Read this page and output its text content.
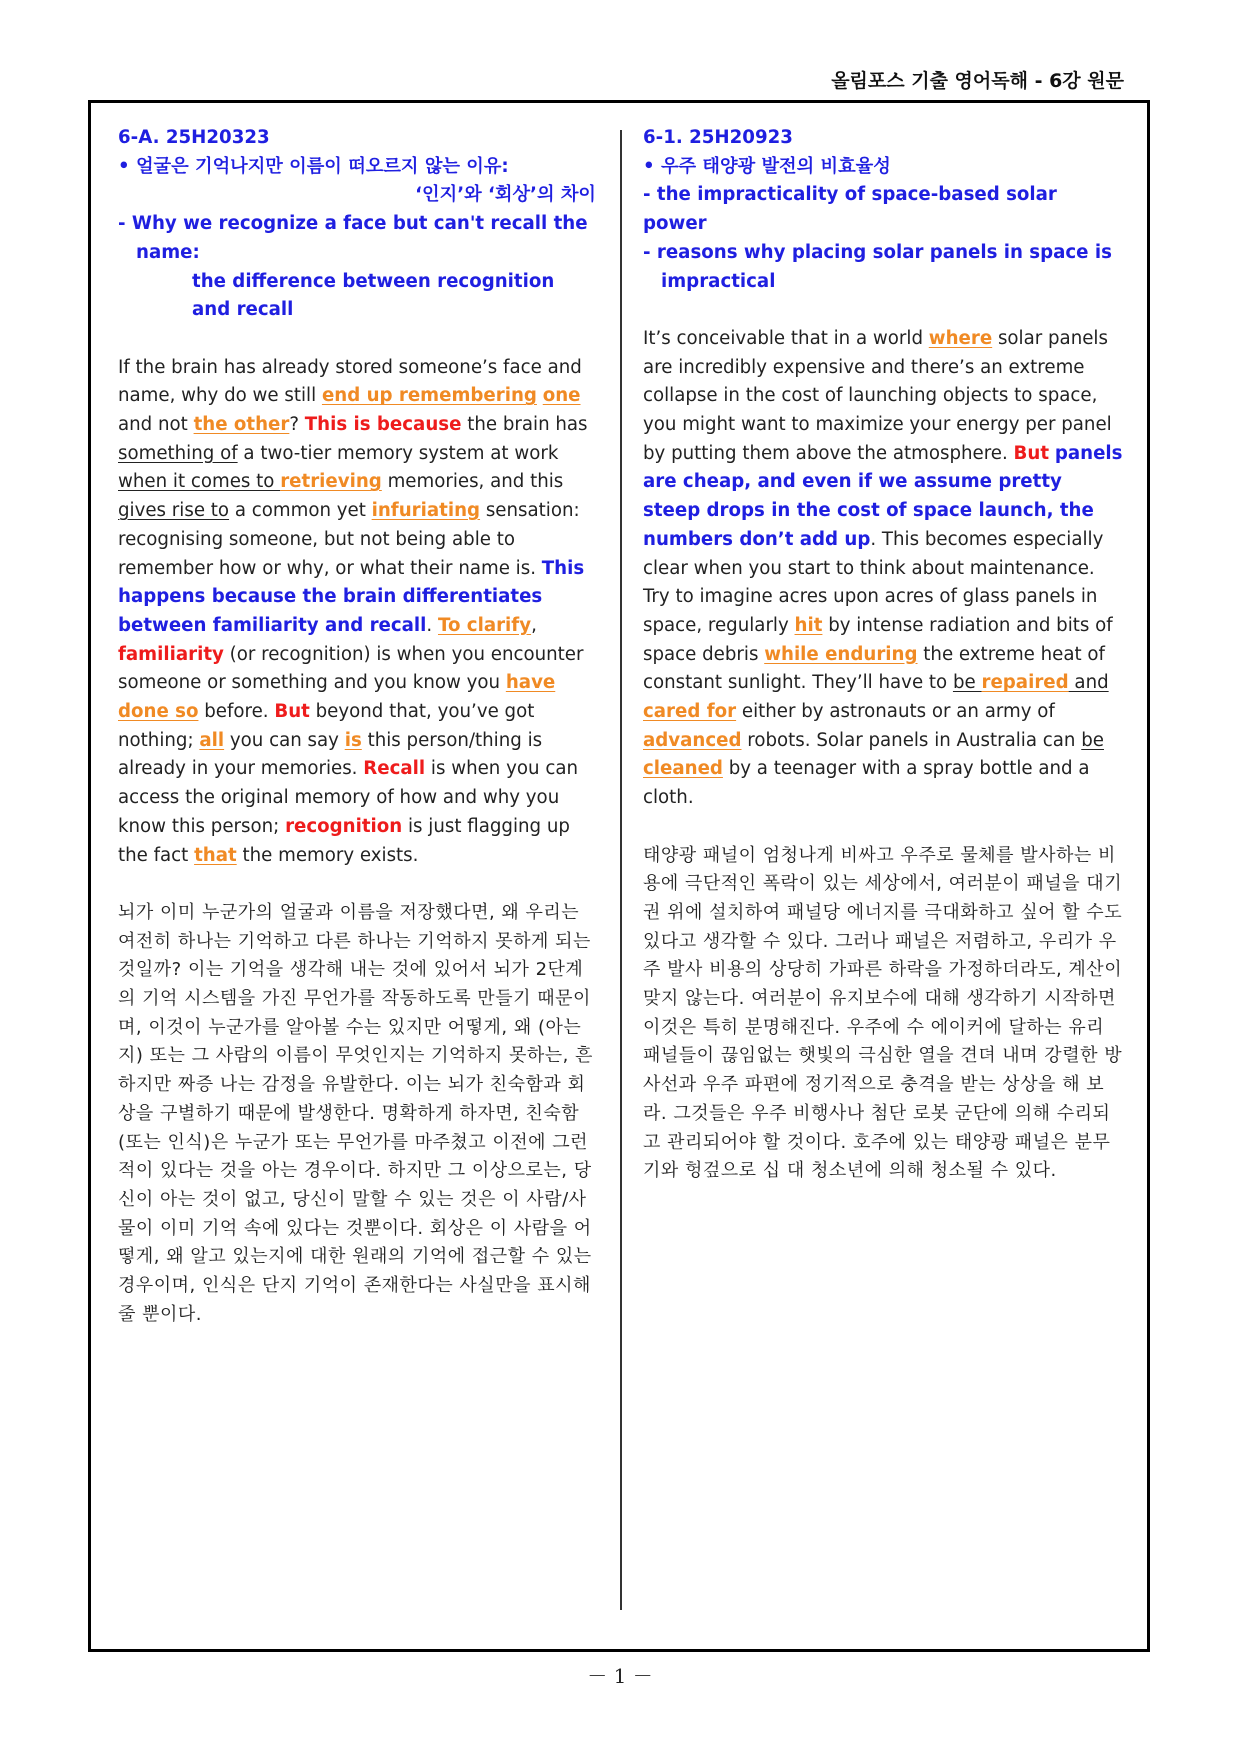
올림포스 기출 영어독해 - 6강 원문

6-A. 25H20323

• 얼굴은 기억나지만 이름이 떠오르지 않는 이유:

‘인지’와 ‘회상’의 차이

- Why we recognize a face but can't recall the

name:

the difference between recognition and recall

If the brain has already stored someone’s face and name, why do we still end up remembering one and not the other? This is because the brain has something of a two-tier memory system at work when it comes to retrieving memories, and this gives rise to a common yet infuriating sensation: recognising someone, but not being able to remember how or why, or what their name is. This happens because the brain differentiates between familiarity and recall. To clarify, familiarity (or recognition) is when you encounter someone or something and you know you have done so before. But beyond that, you’ve got nothing; all you can say is this person/thing is already in your memories. Recall is when you can access the original memory of how and why you know this person; recognition is just flagging up the fact that the memory exists.

뇌가 이미 누군가의 얼굴과 이름을 저장했다면, 왜 우리는 여전히 하나는 기억하고 다른 하나는 기억하지 못하게 되는 것일까? 이는 기억을 생각해 내는 것에 있어서 뇌가 2단계의 기억 시스템을 가진 무언가를 작동하도록 만들기 때문이며, 이것이 누군가를 알아볼 수는 있지만 어떻게, 왜 (아는지) 또는 그 사람의 이름이 무엇인지는 기억하지 못하는, 흔하지만 짜증 나는 감정을 유발한다. 이는 뇌가 친숙함과 회상을 구별하기 때문에 발생한다. 명확하게 하자면, 친숙함(또는 인식)은 누군가 또는 무언가를 마주쳤고 이전에 그런 적이 있다는 것을 아는 경우이다. 하지만 그 이상으로는, 당신이 아는 것이 없고, 당신이 말할 수 있는 것은 이 사람/사물이 이미 기억 속에 있다는 것뿐이다. 회상은 이 사람을 어떻게, 왜 알고 있는지에 대한 원래의 기억에 접근할 수 있는 경우이며, 인식은 단지 기억이 존재한다는 사실만을 표시해 줄 뿐이다.

6-1. 25H20923

• 우주 태양광 발전의 비효율성

- the impracticality of space-based solar power

- reasons why placing solar panels in space is

impractical

It’s conceivable that in a world where solar panels are incredibly expensive and there’s an extreme collapse in the cost of launching objects to space, you might want to maximize your energy per panel by putting them above the atmosphere. But panels are cheap, and even if we assume pretty steep drops in the cost of space launch, the numbers don’t add up. This becomes especially clear when you start to think about maintenance. Try to imagine acres upon acres of glass panels in space, regularly hit by intense radiation and bits of space debris while enduring the extreme heat of constant sunlight. They’ll have to be repaired and cared for either by astronauts or an army of advanced robots. Solar panels in Australia can be cleaned by a teenager with a spray bottle and a cloth.

태양광 패널이 엄청나게 비싸고 우주로 물체를 발사하는 비용에 극단적인 폭락이 있는 세상에서, 여러분이 패널을 대기권 위에 설치하여 패널당 에너지를 극대화하고 싶어 할 수도 있다고 생각할 수 있다. 그러나 패널은 저렴하고, 우리가 우주 발사 비용의 상당히 가파른 하락을 가정하더라도, 계산이 맞지 않는다. 여러분이 유지보수에 대해 생각하기 시작하면 이것은 특히 분명해진다. 우주에 수 에이커에 달하는 유리 패널들이 끊임없는 햇빛의 극심한 열을 견뎌 내며 강렬한 방사선과 우주 파편에 정기적으로 충격을 받는 상상을 해 보라. 그것들은 우주 비행사나 첨단 로봇 군단에 의해 수리되고 관리되어야 할 것이다. 호주에 있는 태양광 패널은 분무기와 헝겊으로 십 대 청소년에 의해 청소될 수 있다.

－ 1 －
